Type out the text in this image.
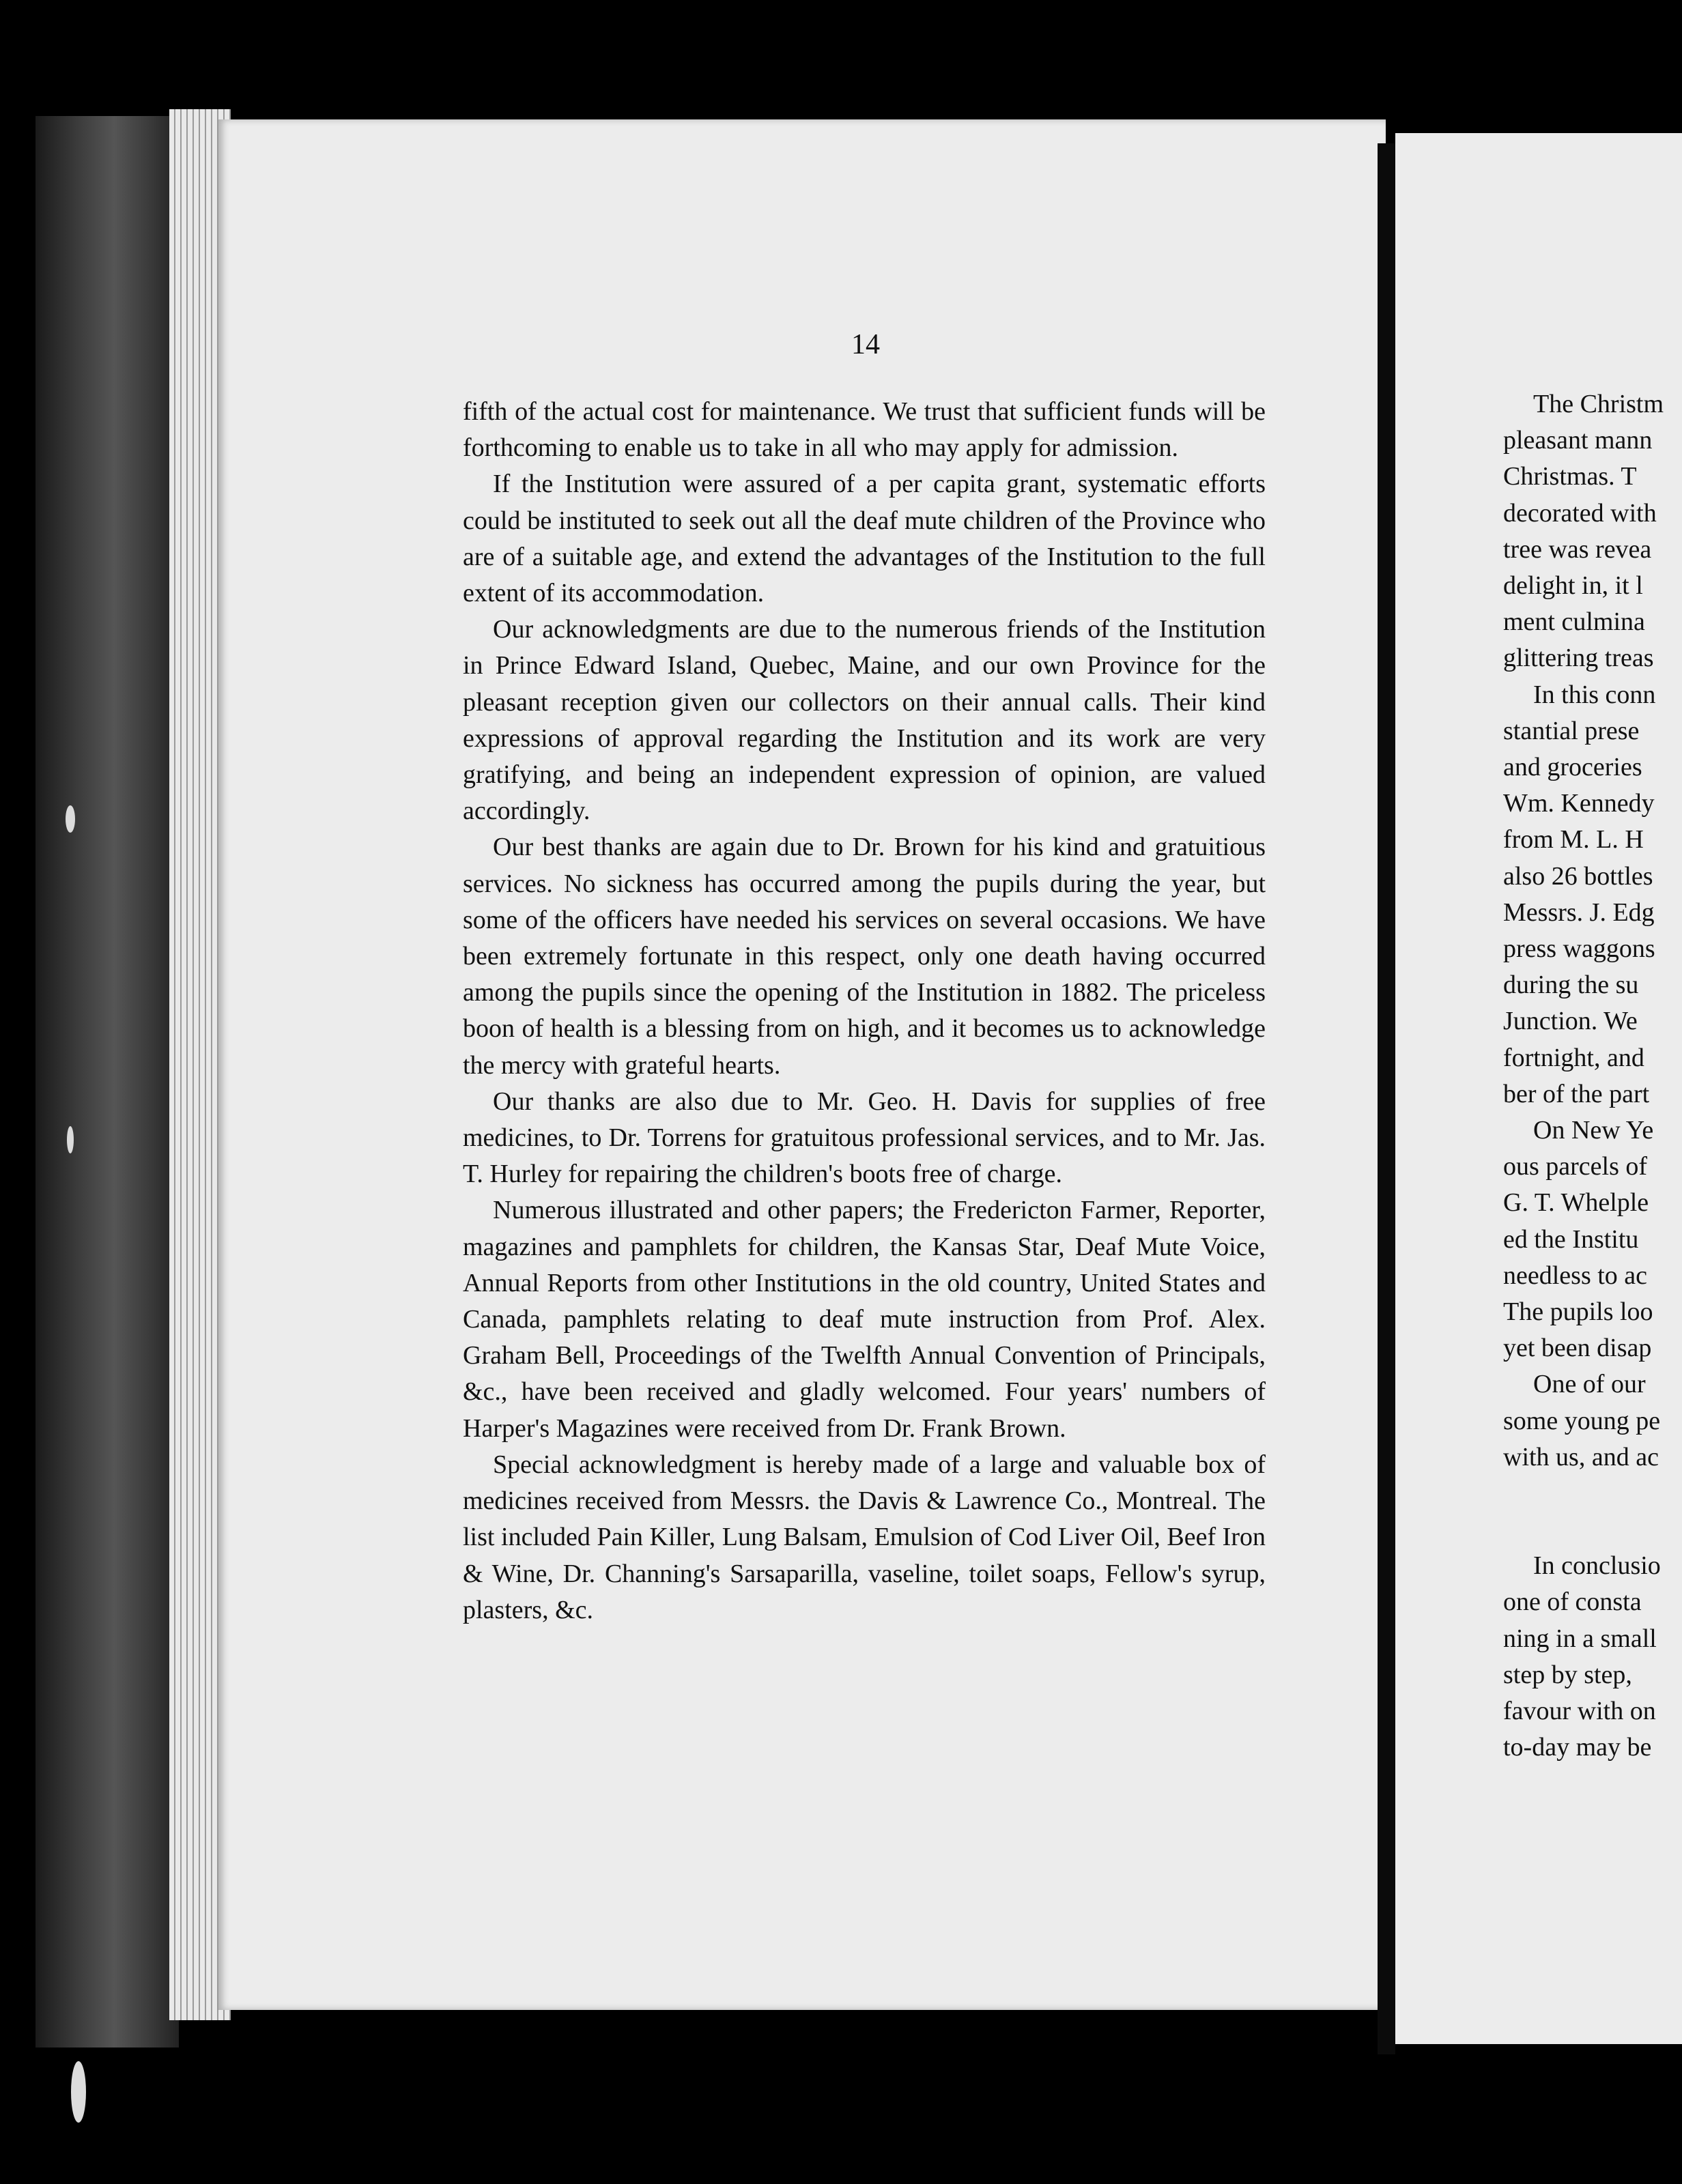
14

fifth of the actual cost for maintenance. We trust that sufficient funds will be forthcoming to enable us to take in all who may apply for admission.

If the Institution were assured of a per capita grant, systematic efforts could be instituted to seek out all the deaf mute children of the Province who are of a suitable age, and extend the advantages of the Institution to the full extent of its accommodation.

Our acknowledgments are due to the numerous friends of the Institution in Prince Edward Island, Quebec, Maine, and our own Province for the pleasant reception given our collectors on their annual calls. Their kind expressions of approval regarding the Institution and its work are very gratifying, and being an independent expression of opinion, are valued accordingly.

Our best thanks are again due to Dr. Brown for his kind and gratuitious services. No sickness has occurred among the pupils during the year, but some of the officers have needed his services on several occasions. We have been extremely fortunate in this respect, only one death having occurred among the pupils since the opening of the Institution in 1882. The priceless boon of health is a blessing from on high, and it becomes us to acknowledge the mercy with grateful hearts.

Our thanks are also due to Mr. Geo. H. Davis for supplies of free medicines, to Dr. Torrens for gratuitous professional services, and to Mr. Jas. T. Hurley for repairing the children's boots free of charge.

Numerous illustrated and other papers; the Fredericton Farmer, Reporter, magazines and pamphlets for children, the Kansas Star, Deaf Mute Voice, Annual Reports from other Institutions in the old country, United States and Canada, pamphlets relating to deaf mute instruction from Prof. Alex. Graham Bell, Proceedings of the Twelfth Annual Convention of Principals, &c., have been received and gladly welcomed. Four years' numbers of Harper's Magazines were received from Dr. Frank Brown.

Special acknowledgment is hereby made of a large and valuable box of medicines received from Messrs. the Davis & Lawrence Co., Montreal. The list included Pain Killer, Lung Balsam, Emulsion of Cod Liver Oil, Beef Iron & Wine, Dr. Channing's Sarsaparilla, vaseline, toilet soaps, Fellow's syrup, plasters, &c.

The Christm
pleasant mann
Christmas. T
decorated with
tree was revea
delight in, it l
ment culmina
glittering treas
In this conn
stantial prese
and groceries
Wm. Kennedy
from M. L. H
also 26 bottles
Messrs. J. Edg
press waggons
during the su
Junction. We
fortnight, and
ber of the part
On New Ye
ous parcels of
G. T. Whelple
ed the Institu
needless to ac
The pupils loo
yet been disap
One of our
some young pe
with us, and ac
In conclusio
one of consta
ning in a small
step by step,
favour with on
to-day may be
